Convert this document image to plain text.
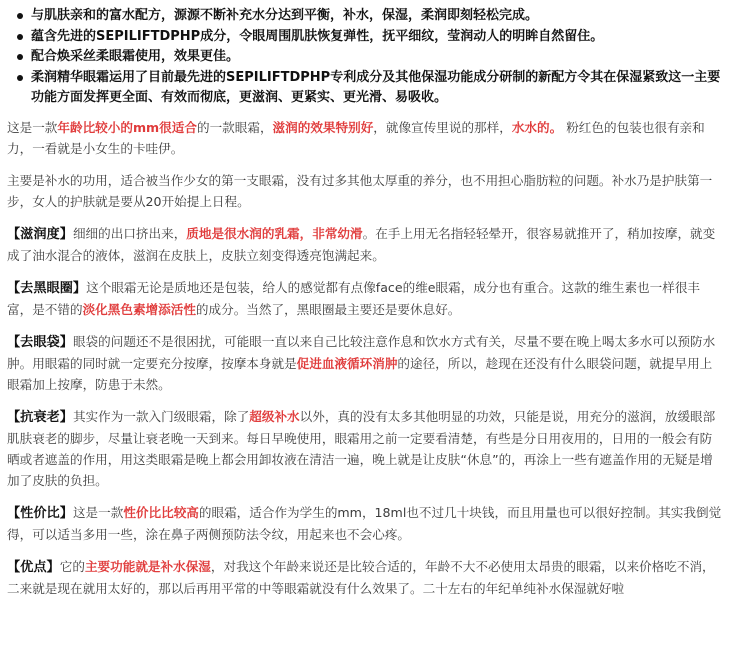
与肌肤亲和的富水配方，源源不断补充水分达到平衡，补水，保湿，柔润即刻轻松完成。
蕴含先进的SEPILIFTDPHP成分，令眼周围肌肤恢复弹性，抚平细纹，莹润动人的明眸自然留住。
配合焕采丝柔眼霜使用，效果更佳。
柔润精华眼霜运用了目前最先进的SEPILIFTDPHP专利成分及其他保湿功能成分研制的新配方令其在保湿紧致这一主要功能方面发挥更全面、有效而彻底，更滋润、更紧实、更光滑、易吸收。

这是一款年龄比较小的mm很适合的一款眼霜，滋润的效果特别好，就像宣传里说的那样，水水的。 粉红色的包装也很有亲和力，一看就是小女生的卡哇伊。

主要是补水的功用，适合被当作少女的第一支眼霜，没有过多其他太厚重的养分，也不用担心脂肪粒的问题。补水乃是护肤第一步，女人的护肤就是要从20开始提上日程。

【滋润度】细细的出口挤出来，质地是很水润的乳霜，非常幼滑。在手上用无名指轻轻晕开，很容易就推开了，稍加按摩，就变成了油水混合的液体，滋润在皮肤上，皮肤立刻变得透亮饱满起来。

【去黑眼圈】这个眼霜无论是质地还是包装，给人的感觉都有点像face的维e眼霜，成分也有重合。这款的维生素也一样很丰富，是不错的淡化黑色素增添活性的成分。当然了，黑眼圈最主要还是要休息好。

【去眼袋】眼袋的问题还不是很困扰，可能眼一直以来自己比较注意作息和饮水方式有关，尽量不要在晚上喝太多水可以预防水肿。用眼霜的同时就一定要充分按摩，按摩本身就是促进血液循环消肿的途径，所以，趁现在还没有什么眼袋问题，就提早用上眼霜加上按摩，防患于未然。

【抗衰老】其实作为一款入门级眼霜，除了超级补水以外，真的没有太多其他明显的功效，只能是说，用充分的滋润，放缓眼部肌肤衰老的脚步，尽量让衰老晚一天到来。每日早晚使用，眼霜用之前一定要看清楚，有些是分日用夜用的，日用的一般会有防晒或者遮盖的作用，用这类眼霜是晚上都会用卸妆液在清洁一遍，晚上就是让皮肤“休息”的，再涂上一些有遮盖作用的无疑是增加了皮肤的负担。

【性价比】这是一款性价比比较高的眼霜，适合作为学生的mm，18ml也不过几十块钱，而且用量也可以很好控制。其实我倒觉得，可以适当多用一些，涂在鼻子两侧预防法令纹，用起来也不会心疼。

【优点】它的主要功能就是补水保湿，对我这个年龄来说还是比较合适的，年龄不大不必使用太昂贵的眼霜，以来价格吃不消，二来就是现在就用太好的，那以后再用平常的中等眼霜就没有什么效果了。二十左右的年纪单纯补水保湿就好啦
